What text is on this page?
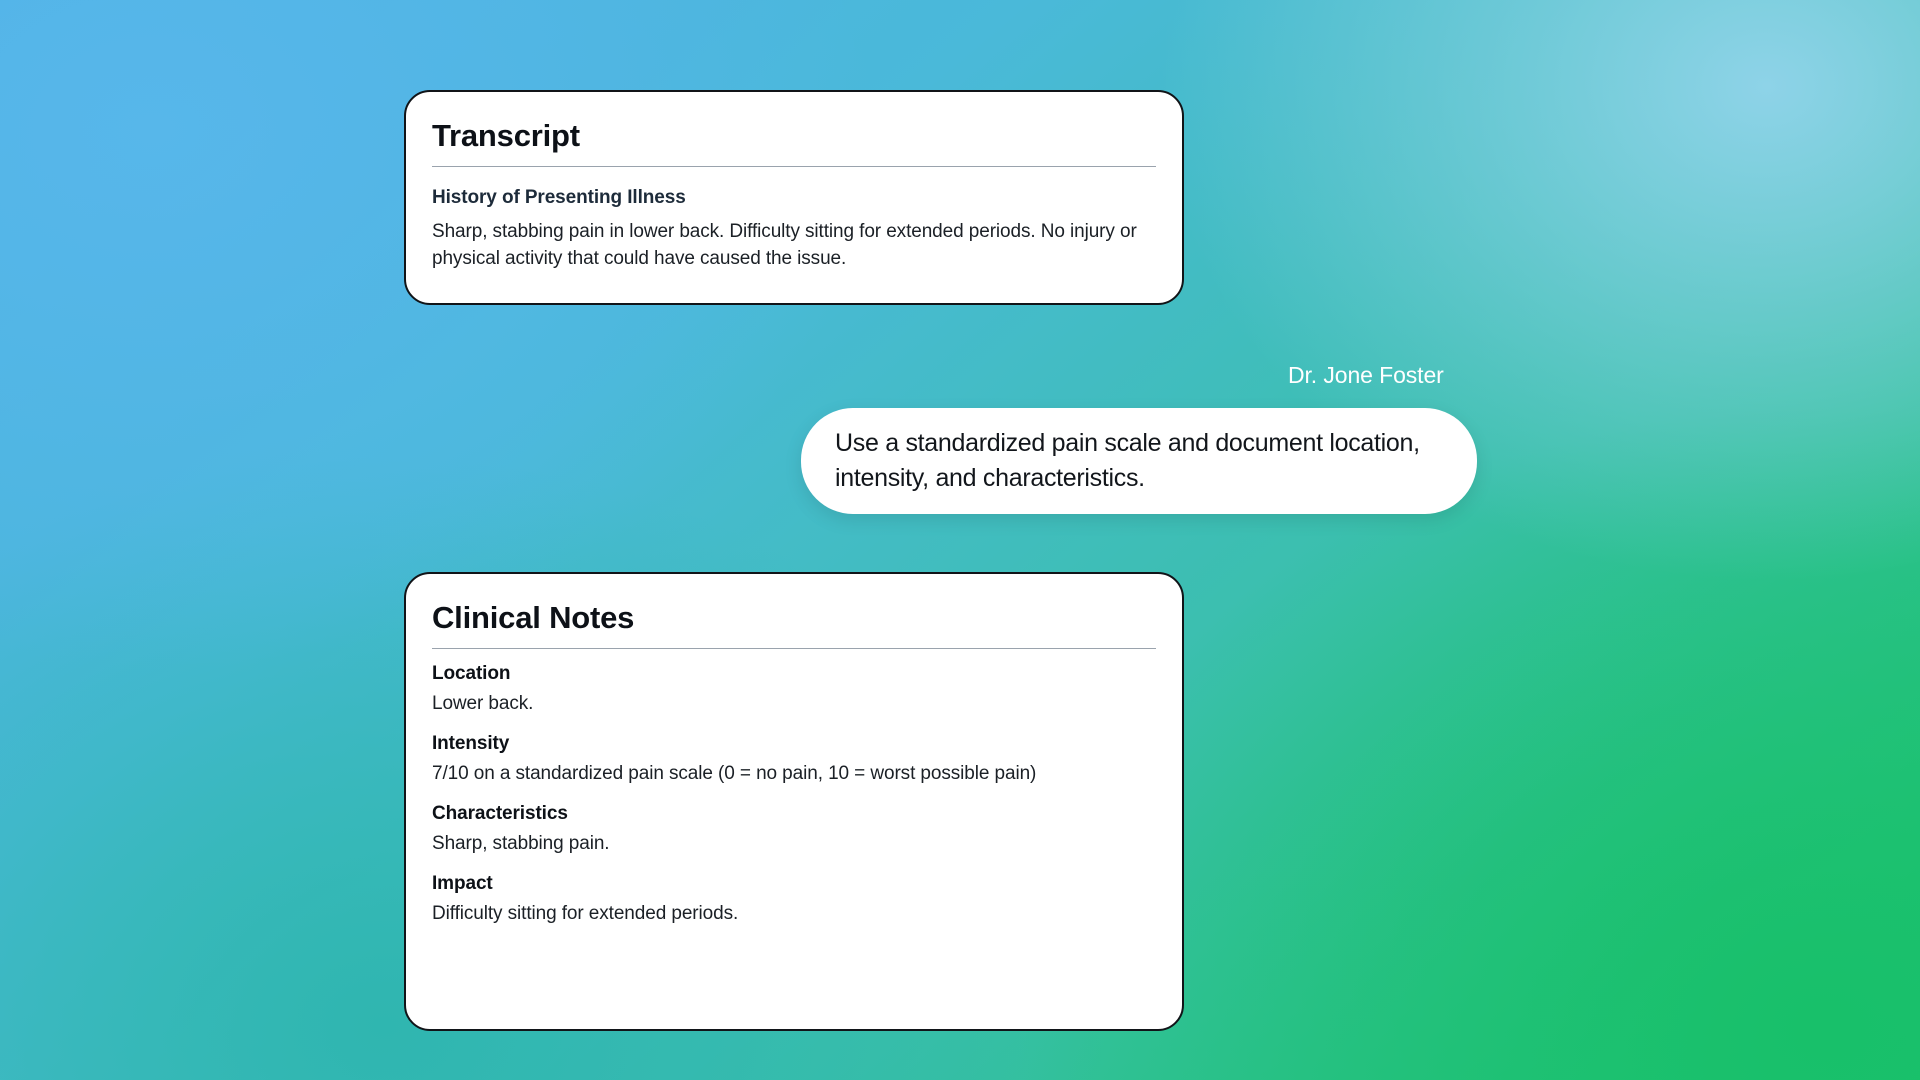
Transcript

History of Presenting Illness

Sharp, stabbing pain in lower back. Difficulty sitting for extended periods. No injury or physical activity that could have caused the issue.

Dr. Jone Foster
Use a standardized pain scale and document location, intensity, and characteristics.
Clinical Notes

Location

Lower back.

Intensity

7/10 on a standardized pain scale (0 = no pain, 10 = worst possible pain)

Characteristics

Sharp, stabbing pain.

Impact

Difficulty sitting for extended periods.
